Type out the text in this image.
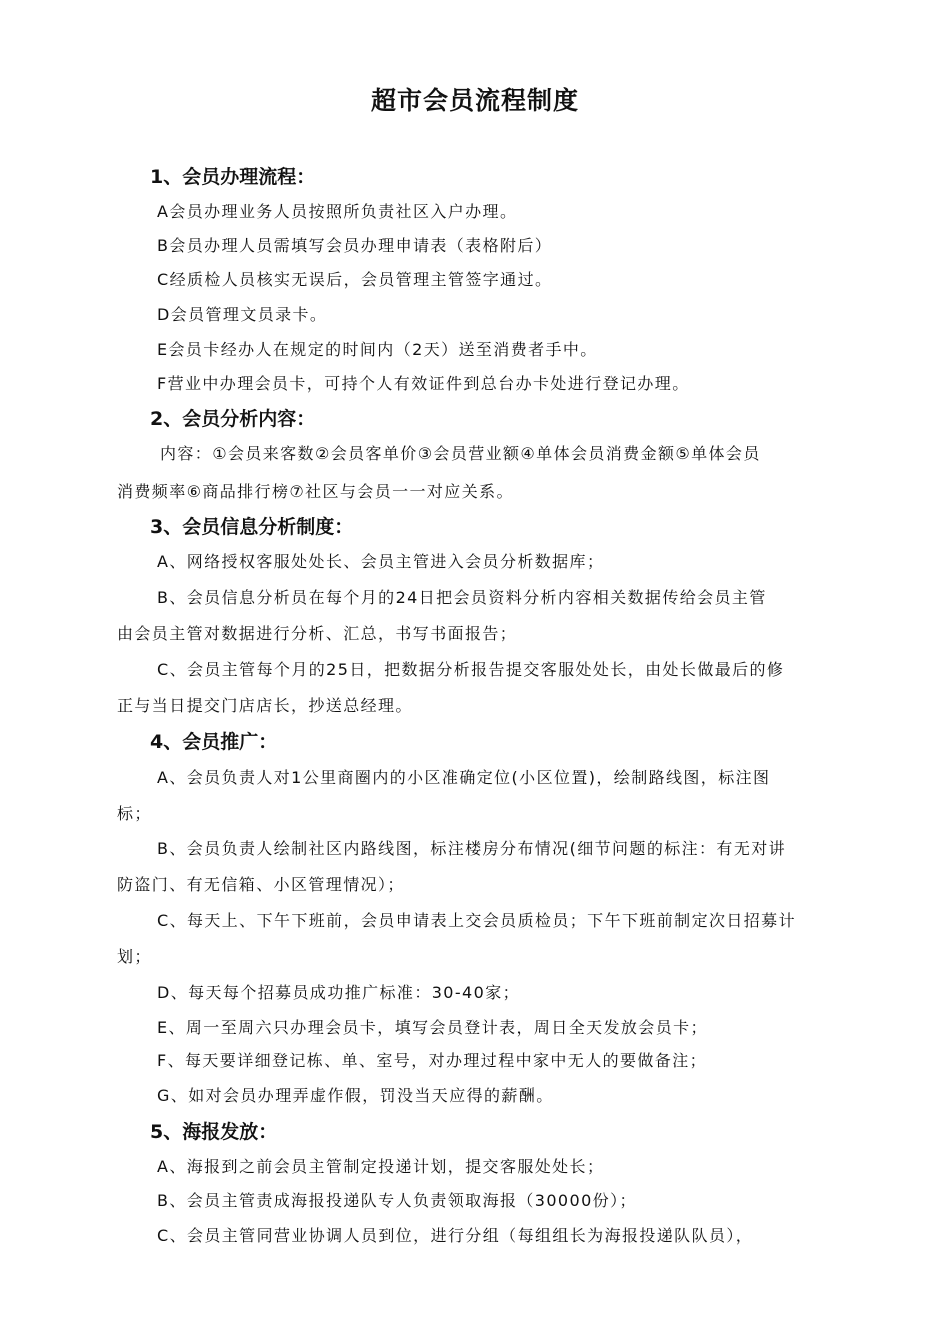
超市会员流程制度
1、会员办理流程：
A会员办理业务人员按照所负责社区入户办理。
B会员办理人员需填写会员办理申请表（表格附后）
C经质检人员核实无误后，会员管理主管签字通过。
D会员管理文员录卡。
E会员卡经办人在规定的时间内（2天）送至消费者手中。
F营业中办理会员卡，可持个人有效证件到总台办卡处进行登记办理。
2、会员分析内容：
内容：①会员来客数②会员客单价③会员营业额④单体会员消费金额⑤单体会员
消费频率⑥商品排行榜⑦社区与会员一一对应关系。
3、会员信息分析制度：
A、网络授权客服处处长、会员主管进入会员分析数据库；
B、会员信息分析员在每个月的24日把会员资料分析内容相关数据传给会员主管
由会员主管对数据进行分析、汇总，书写书面报告；
C、会员主管每个月的25日，把数据分析报告提交客服处处长，由处长做最后的修
正与当日提交门店店长，抄送总经理。
4、会员推广：
A、会员负责人对1公里商圈内的小区准确定位(小区位置)，绘制路线图，标注图
标；
B、会员负责人绘制社区内路线图，标注楼房分布情况(细节问题的标注：有无对讲
防盗门、有无信箱、小区管理情况）；
C、每天上、下午下班前，会员申请表上交会员质检员；下午下班前制定次日招募计
划；
D、每天每个招募员成功推广标准：30-40家；
E、周一至周六只办理会员卡，填写会员登计表，周日全天发放会员卡；
F、每天要详细登记栋、单、室号，对办理过程中家中无人的要做备注；
G、如对会员办理弄虚作假，罚没当天应得的薪酬。
5、海报发放：
A、海报到之前会员主管制定投递计划，提交客服处处长；
B、会员主管责成海报投递队专人负责领取海报（30000份）；
C、会员主管同营业协调人员到位，进行分组（每组组长为海报投递队队员），
